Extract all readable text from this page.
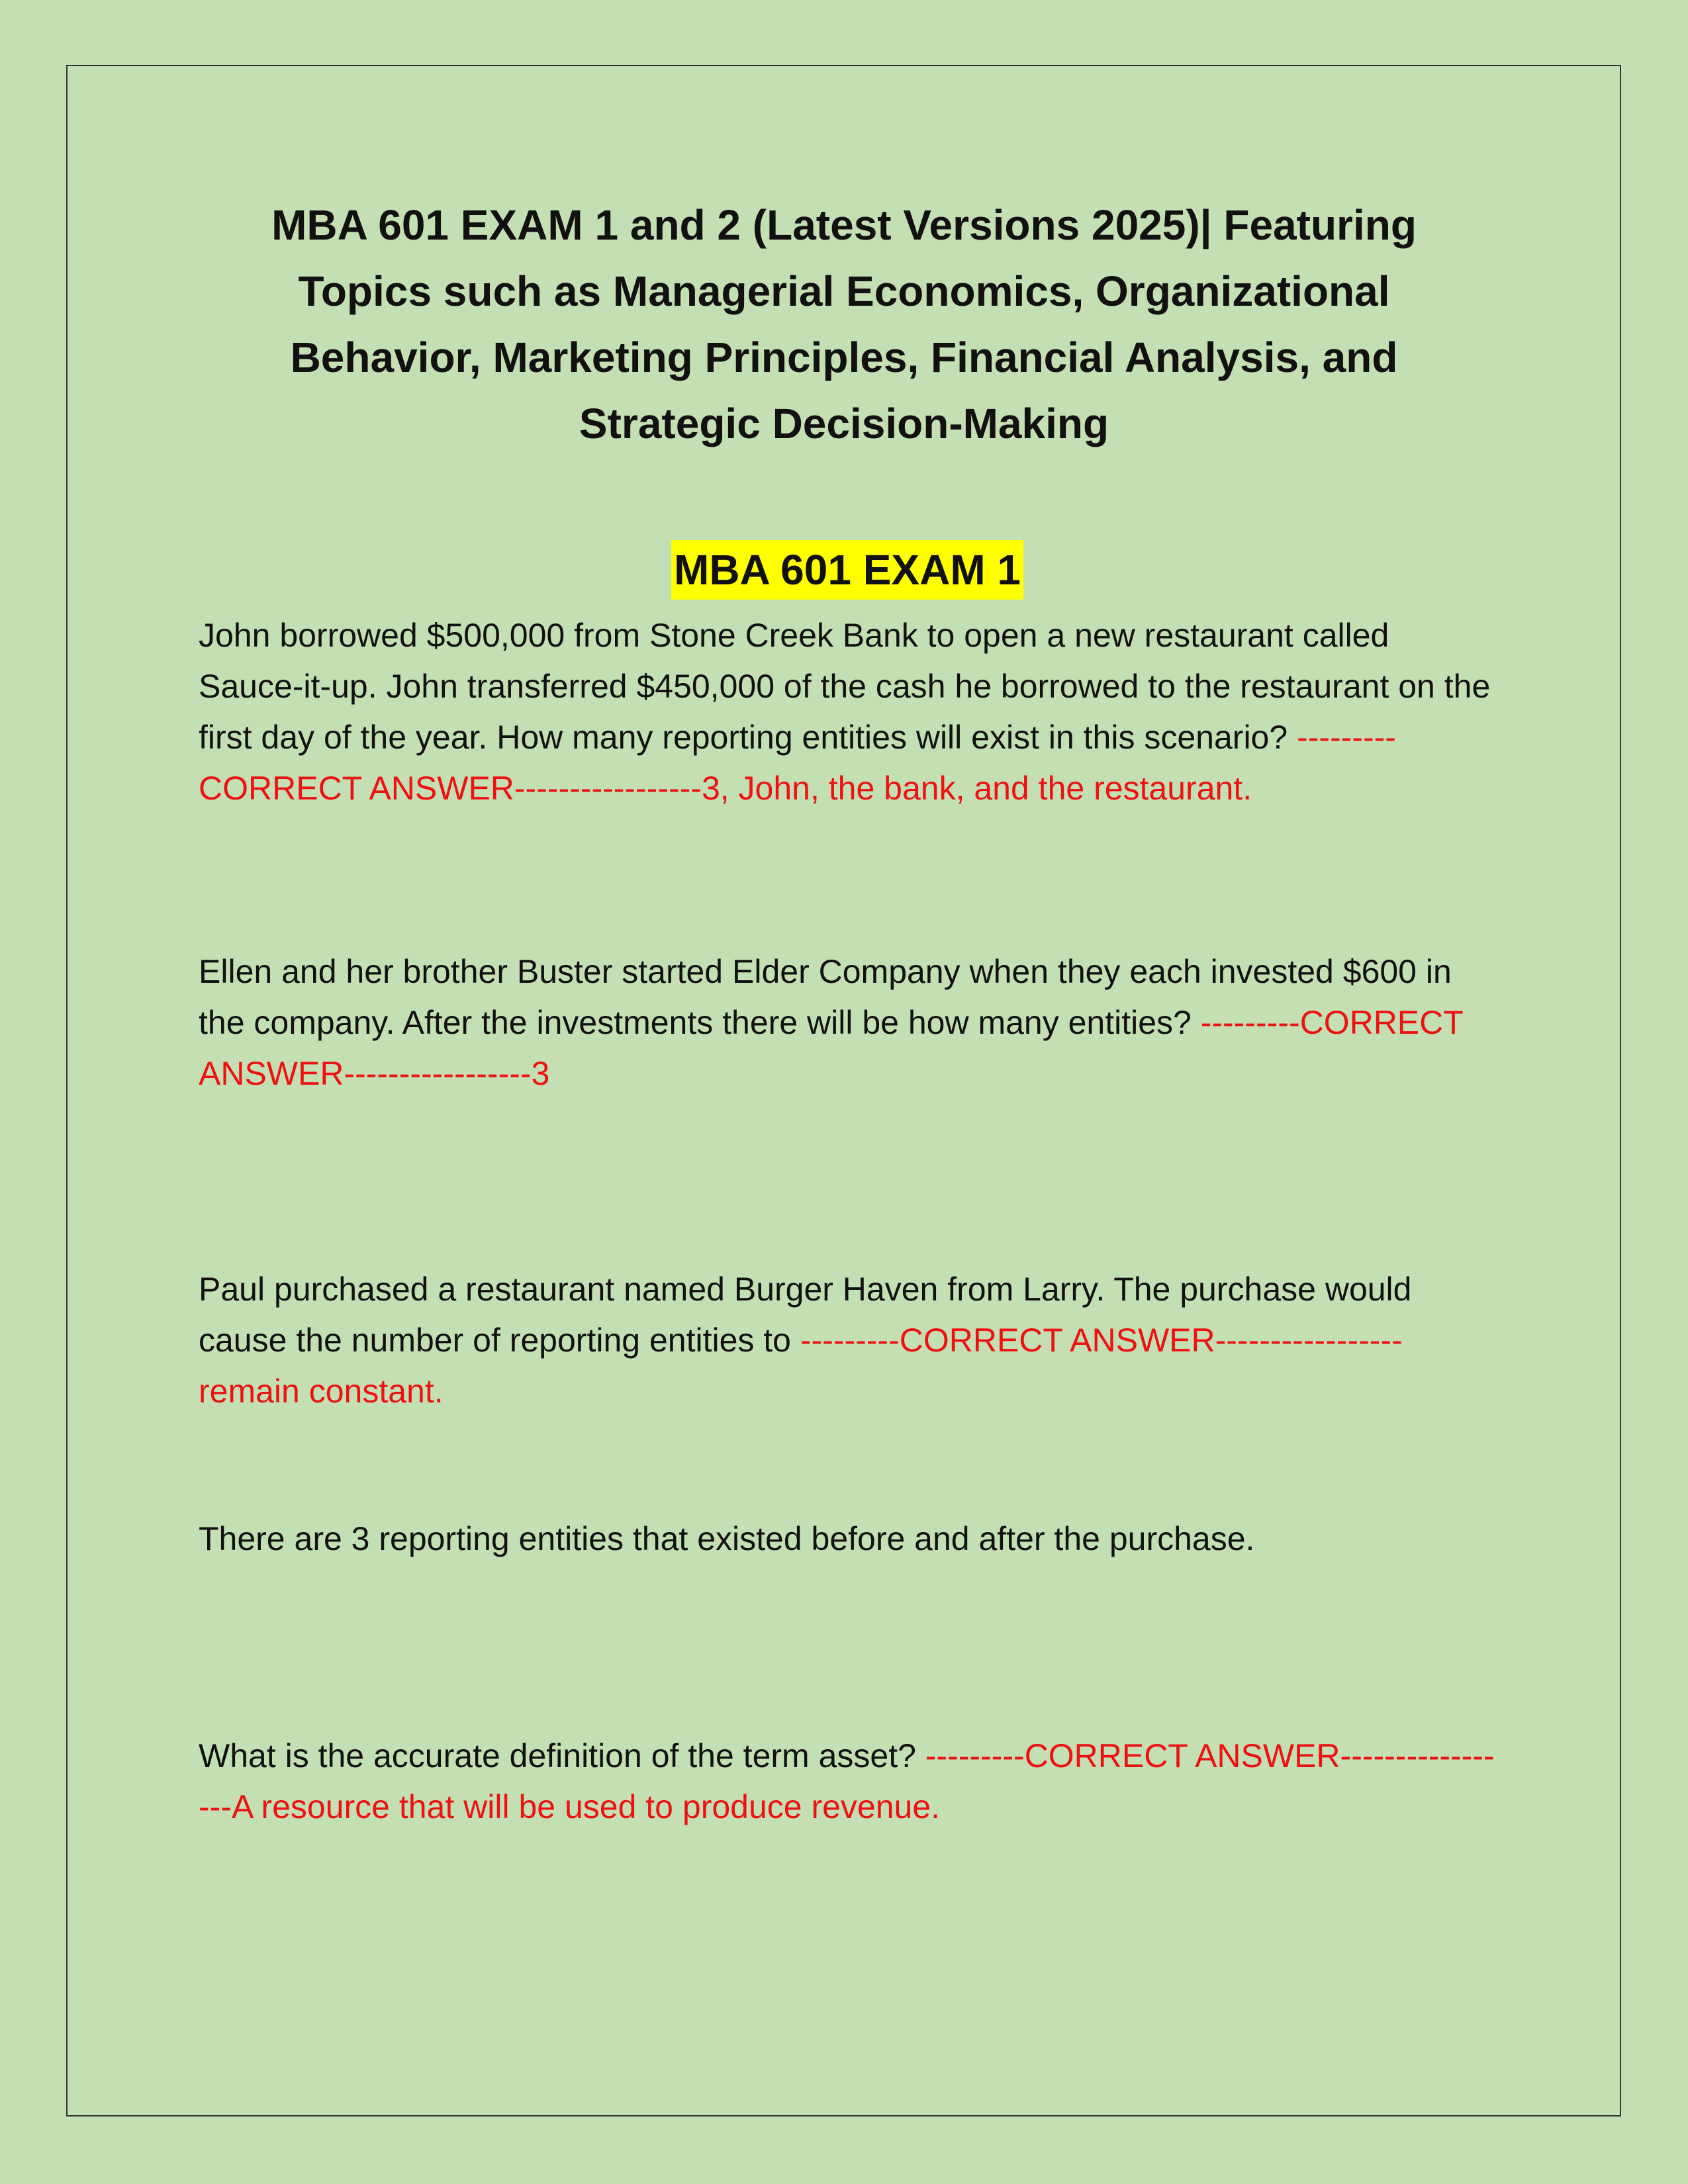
MBA 601 EXAM 1 and 2 (Latest Versions 2025)| Featuring Topics such as Managerial Economics, Organizational Behavior, Marketing Principles, Financial Analysis, and Strategic Decision-Making
MBA 601 EXAM 1

John borrowed $500,000 from Stone Creek Bank to open a new restaurant called Sauce-it-up. John transferred $450,000 of the cash he borrowed to the restaurant on the first day of the year. How many reporting entities will exist in this scenario? ---------CORRECT ANSWER-----------------3, John, the bank, and the restaurant.

Ellen and her brother Buster started Elder Company when they each invested $600 in the company. After the investments there will be how many entities? ---------CORRECT ANSWER-----------------3

Paul purchased a restaurant named Burger Haven from Larry. The purchase would cause the number of reporting entities to ---------CORRECT ANSWER-----------------remain constant.

There are 3 reporting entities that existed before and after the purchase.

What is the accurate definition of the term asset? ---------CORRECT ANSWER-----------------A resource that will be used to produce revenue.
